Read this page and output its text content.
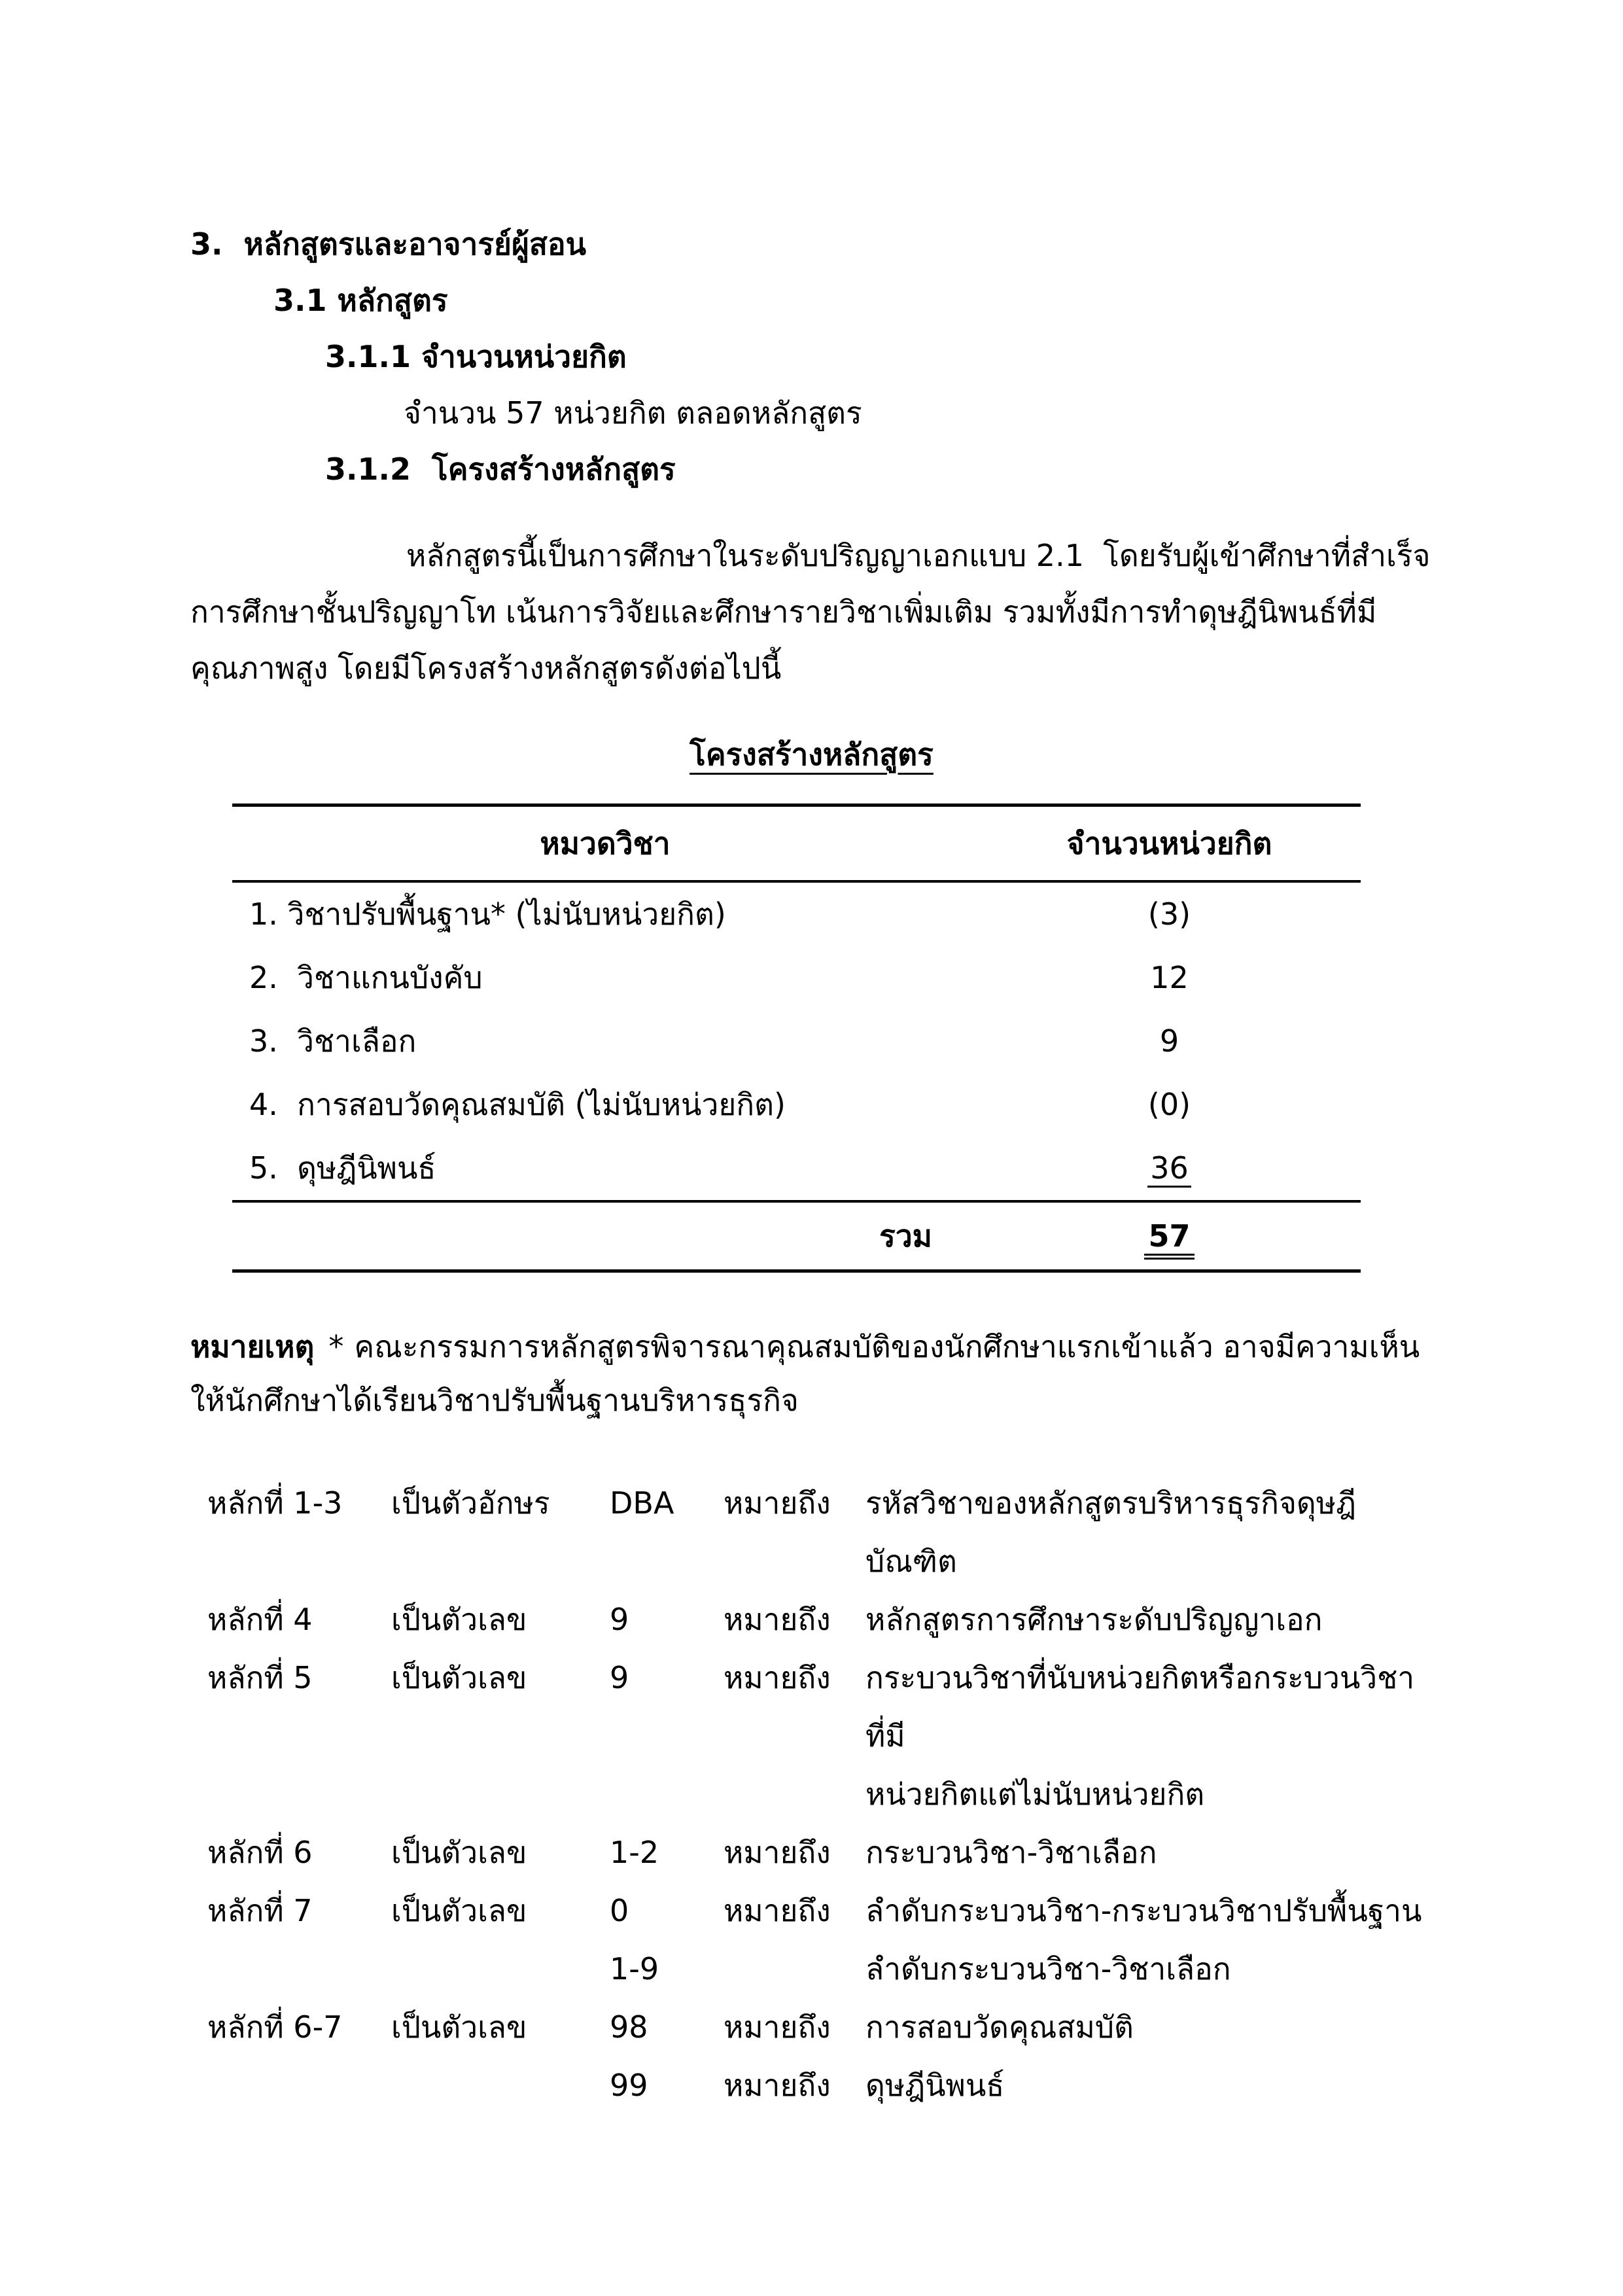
3.  หลักสูตรและอาจารย์ผู้สอน
3.1 หลักสูตร
3.1.1 จำนวนหน่วยกิต
จำนวน 57 หน่วยกิต ตลอดหลักสูตร
3.1.2  โครงสร้างหลักสูตร

หลักสูตรนี้เป็นการศึกษาในระดับปริญญาเอกแบบ 2.1  โดยรับผู้เข้าศึกษาที่สำเร็จการศึกษาชั้นปริญญาโท เน้นการวิจัยและศึกษารายวิชาเพิ่มเติม รวมทั้งมีการทำดุษฎีนิพนธ์ที่มีคุณภาพสูง โดยมีโครงสร้างหลักสูตรดังต่อไปนี้

โครงสร้างหลักสูตร
หมวดวิชา	จำนวนหน่วยกิต
1. วิชาปรับพื้นฐาน* (ไม่นับหน่วยกิต)	(3)
2.  วิชาแกนบังคับ	12
3.  วิชาเลือก	9
4.  การสอบวัดคุณสมบัติ (ไม่นับหน่วยกิต)	(0)
5.  ดุษฎีนิพนธ์	36
รวม	57

หมายเหตุ * คณะกรรมการหลักสูตรพิจารณาคุณสมบัติของนักศึกษาแรกเข้าแล้ว อาจมีความเห็นให้นักศึกษาได้เรียนวิชาปรับพื้นฐานบริหารธุรกิจ

หลักที่ 1-3	เป็นตัวอักษร	DBA	หมายถึง	รหัสวิชาของหลักสูตรบริหารธุรกิจดุษฎีบัณฑิต
หลักที่ 4	เป็นตัวเลข	9	หมายถึง	หลักสูตรการศึกษาระดับปริญญาเอก
หลักที่ 5	เป็นตัวเลข	9	หมายถึง	กระบวนวิชาที่นับหน่วยกิตหรือกระบวนวิชาที่มี
				หน่วยกิตแต่ไม่นับหน่วยกิต
หลักที่ 6	เป็นตัวเลข	1-2	หมายถึง	กระบวนวิชา-วิชาเลือก
หลักที่ 7	เป็นตัวเลข	0	หมายถึง	ลำดับกระบวนวิชา-กระบวนวิชาปรับพื้นฐาน
		1-9		ลำดับกระบวนวิชา-วิชาเลือก
หลักที่ 6-7	เป็นตัวเลข	98	หมายถึง	การสอบวัดคุณสมบัติ
		99	หมายถึง	ดุษฎีนิพนธ์
